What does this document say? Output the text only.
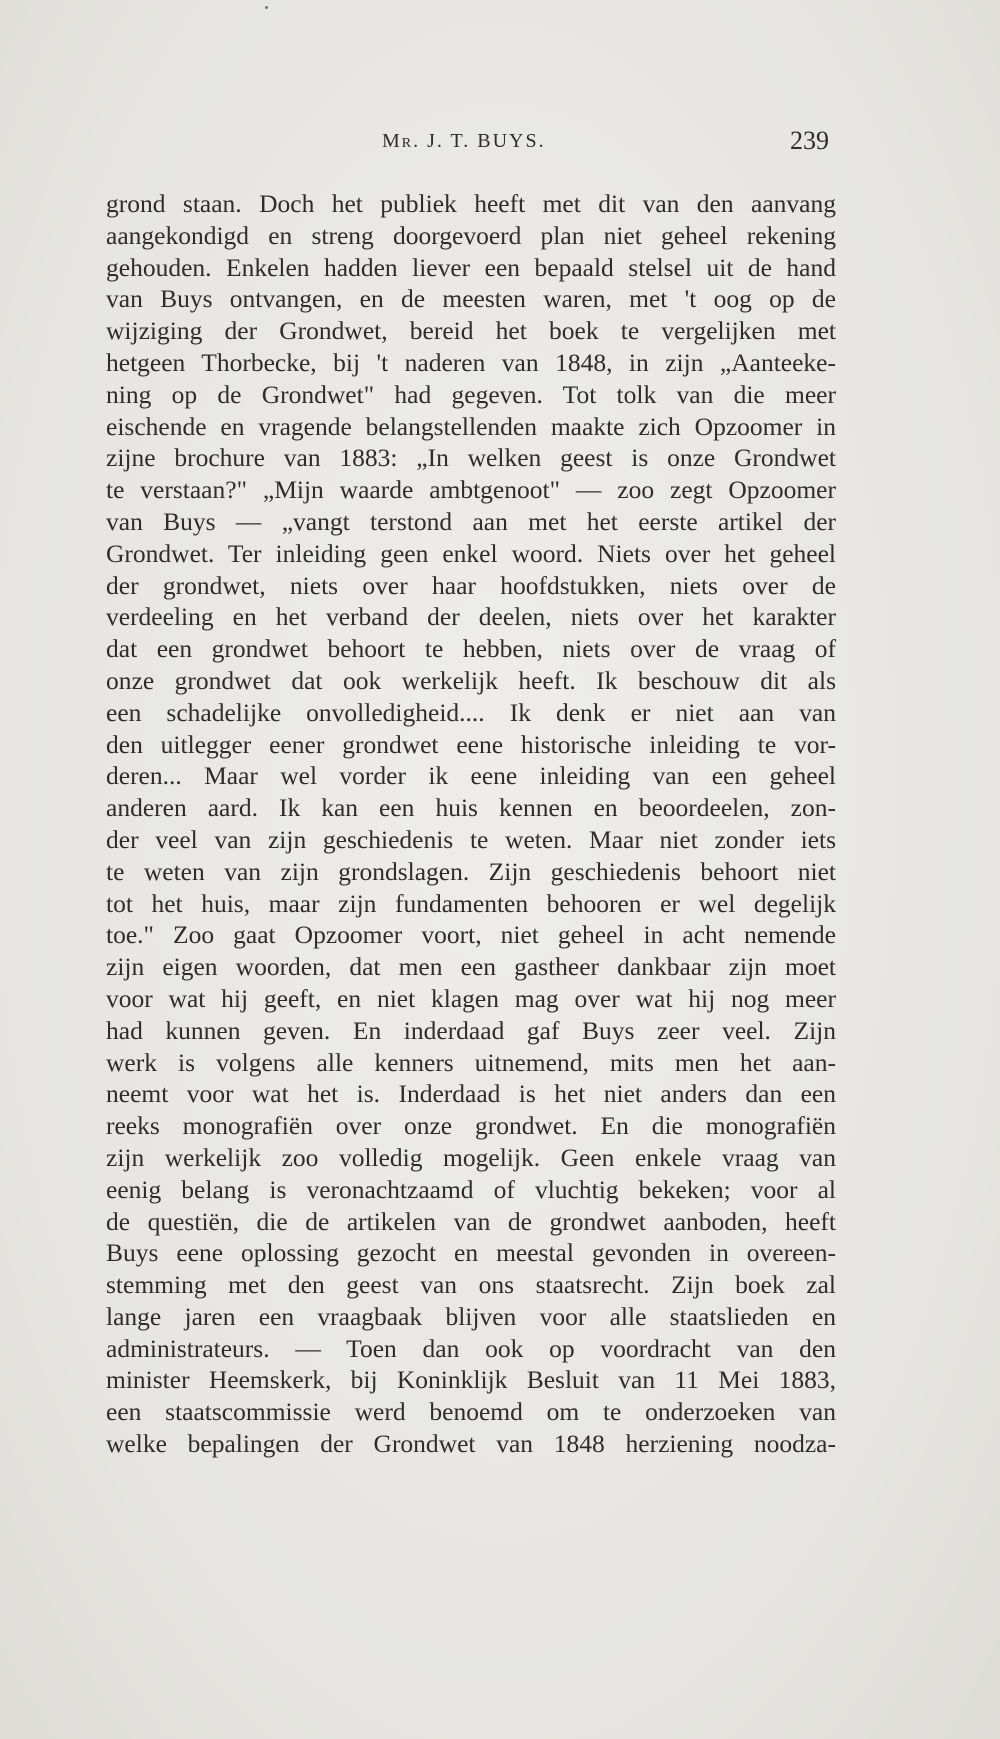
Mr. J. T. BUYS.	239
grond staan. Doch het publiek heeft met dit van den aanvang
aangekondigd en streng doorgevoerd plan niet geheel rekening
gehouden. Enkelen hadden liever een bepaald stelsel uit de hand
van Buys ontvangen, en de meesten waren, met 't oog op de
wijziging der Grondwet, bereid het boek te vergelijken met
hetgeen Thorbecke, bij 't naderen van 1848, in zijn „Aanteeke-
ning op de Grondwet" had gegeven. Tot tolk van die meer
eischende en vragende belangstellenden maakte zich Opzoomer in
zijne brochure van 1883: „In welken geest is onze Grondwet
te verstaan?" „Mijn waarde ambtgenoot" — zoo zegt Opzoomer
van Buys — „vangt terstond aan met het eerste artikel der
Grondwet. Ter inleiding geen enkel woord. Niets over het geheel
der grondwet, niets over haar hoofdstukken, niets over de
verdeeling en het verband der deelen, niets over het karakter
dat een grondwet behoort te hebben, niets over de vraag of
onze grondwet dat ook werkelijk heeft. Ik beschouw dit als
een schadelijke onvolledigheid.... Ik denk er niet aan van
den uitlegger eener grondwet eene historische inleiding te vor-
deren... Maar wel vorder ik eene inleiding van een geheel
anderen aard. Ik kan een huis kennen en beoordeelen, zon-
der veel van zijn geschiedenis te weten. Maar niet zonder iets
te weten van zijn grondslagen. Zijn geschiedenis behoort niet
tot het huis, maar zijn fundamenten behooren er wel degelijk
toe." Zoo gaat Opzoomer voort, niet geheel in acht nemende
zijn eigen woorden, dat men een gastheer dankbaar zijn moet
voor wat hij geeft, en niet klagen mag over wat hij nog meer
had kunnen geven. En inderdaad gaf Buys zeer veel. Zijn
werk is volgens alle kenners uitnemend, mits men het aan-
neemt voor wat het is. Inderdaad is het niet anders dan een
reeks monografiën over onze grondwet. En die monografiën
zijn werkelijk zoo volledig mogelijk. Geen enkele vraag van
eenig belang is veronachtzaamd of vluchtig bekeken; voor al
de questiën, die de artikelen van de grondwet aanboden, heeft
Buys eene oplossing gezocht en meestal gevonden in overeen-
stemming met den geest van ons staatsrecht. Zijn boek zal
lange jaren een vraagbaak blijven voor alle staatslieden en
administrateurs. — Toen dan ook op voordracht van den
minister Heemskerk, bij Koninklijk Besluit van 11 Mei 1883,
een staatscommissie werd benoemd om te onderzoeken van
welke bepalingen der Grondwet van 1848 herziening noodza-
